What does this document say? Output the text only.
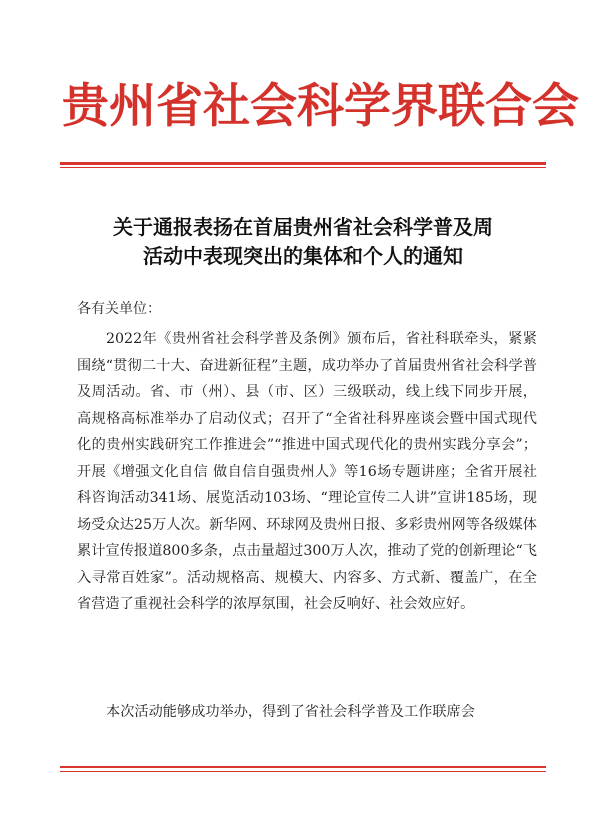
贵州省社会科学界联合会
关于通报表扬在首届贵州省社会科学普及周
活动中表现突出的集体和个人的通知
各有关单位：
2022年《贵州省社会科学普及条例》颁布后，省社科联牵头，紧紧围绕“贯彻二十大、奋进新征程”主题，成功举办了首届贵州省社会科学普及周活动。省、市（州）、县（市、区）三级联动，线上线下同步开展，高规格高标准举办了启动仪式；召开了“全省社科界座谈会暨中国式现代化的贵州实践研究工作推进会”“推进中国式现代化的贵州实践分享会”；开展《增强文化自信 做自信自强贵州人》等16场专题讲座；全省开展社科咨询活动341场、展览活动103场、“理论宣传二人讲”宣讲185场，现场受众达25万人次。新华网、环球网及贵州日报、多彩贵州网等各级媒体累计宣传报道800多条，点击量超过300万人次，推动了党的创新理论“飞入寻常百姓家”。活动规格高、规模大、内容多、方式新、覆盖广，在全省营造了重视社会科学的浓厚氛围，社会反响好、社会效应好。
本次活动能够成功举办，得到了省社会科学普及工作联席会
